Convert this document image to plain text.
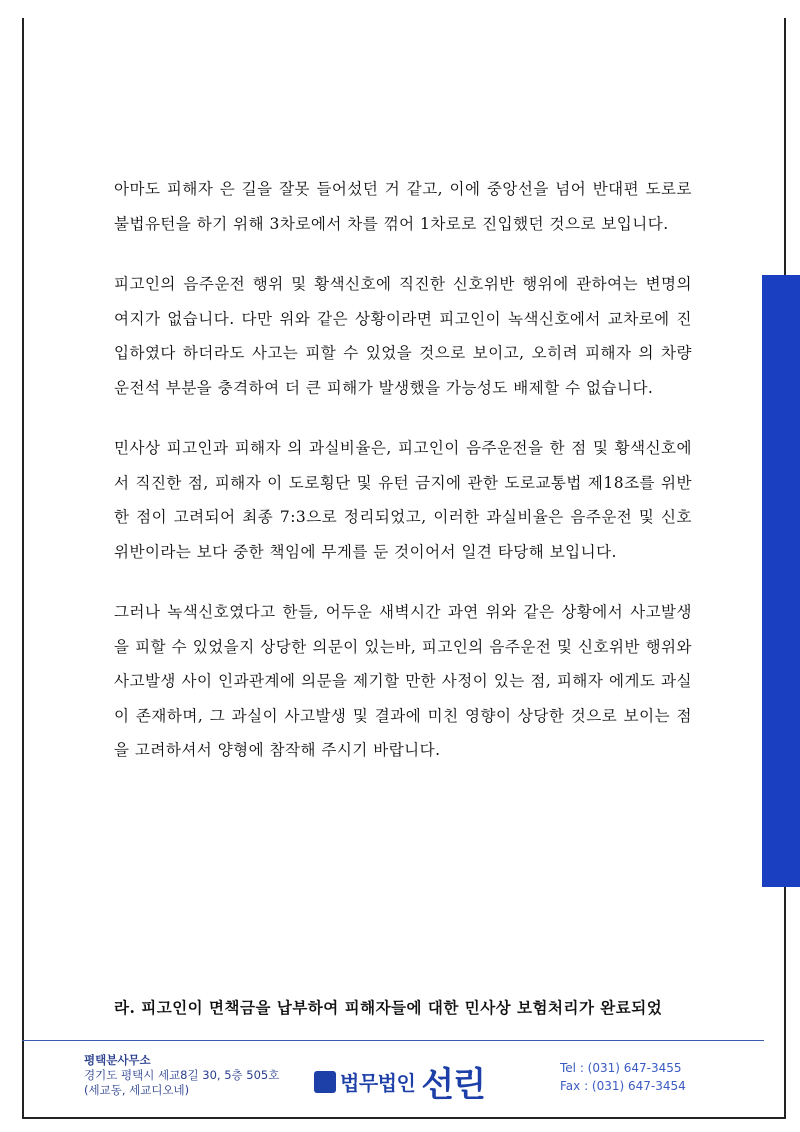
아마도 피해자 은 길을 잘못 들어섰던 거 같고, 이에 중앙선을 넘어 반대편 도로로 불법유턴을 하기 위해 3차로에서 차를 꺾어 1차로로 진입했던 것으로 보입니다.

피고인의 음주운전 행위 및 황색신호에 직진한 신호위반 행위에 관하여는 변명의 여지가 없습니다. 다만 위와 같은 상황이라면 피고인이 녹색신호에서 교차로에 진입하였다 하더라도 사고는 피할 수 있었을 것으로 보이고, 오히려 피해자 의 차량 운전석 부분을 충격하여 더 큰 피해가 발생했을 가능성도 배제할 수 없습니다.

민사상 피고인과 피해자 의 과실비율은, 피고인이 음주운전을 한 점 및 황색신호에서 직진한 점, 피해자 이 도로횡단 및 유턴 금지에 관한 도로교통법 제18조를 위반한 점이 고려되어 최종 7:3으로 정리되었고, 이러한 과실비율은 음주운전 및 신호위반이라는 보다 중한 책임에 무게를 둔 것이어서 일견 타당해 보입니다.

그러나 녹색신호였다고 한들, 어두운 새벽시간 과연 위와 같은 상황에서 사고발생을 피할 수 있었을지 상당한 의문이 있는바, 피고인의 음주운전 및 신호위반 행위와 사고발생 사이 인과관계에 의문을 제기할 만한 사정이 있는 점, 피해자 에게도 과실이 존재하며, 그 과실이 사고발생 및 결과에 미친 영향이 상당한 것으로 보이는 점을 고려하셔서 양형에 참작해 주시기 바랍니다.

라. 피고인이 면책금을 납부하여 피해자들에 대한 민사상 보험처리가 완료되었
평택분사무소
경기도 평택시 세교8길 30, 5층 505호
(세교동, 세교디오네)	법무법인 선린	Tel : (031) 647-3455
Fax : (031) 647-3454
